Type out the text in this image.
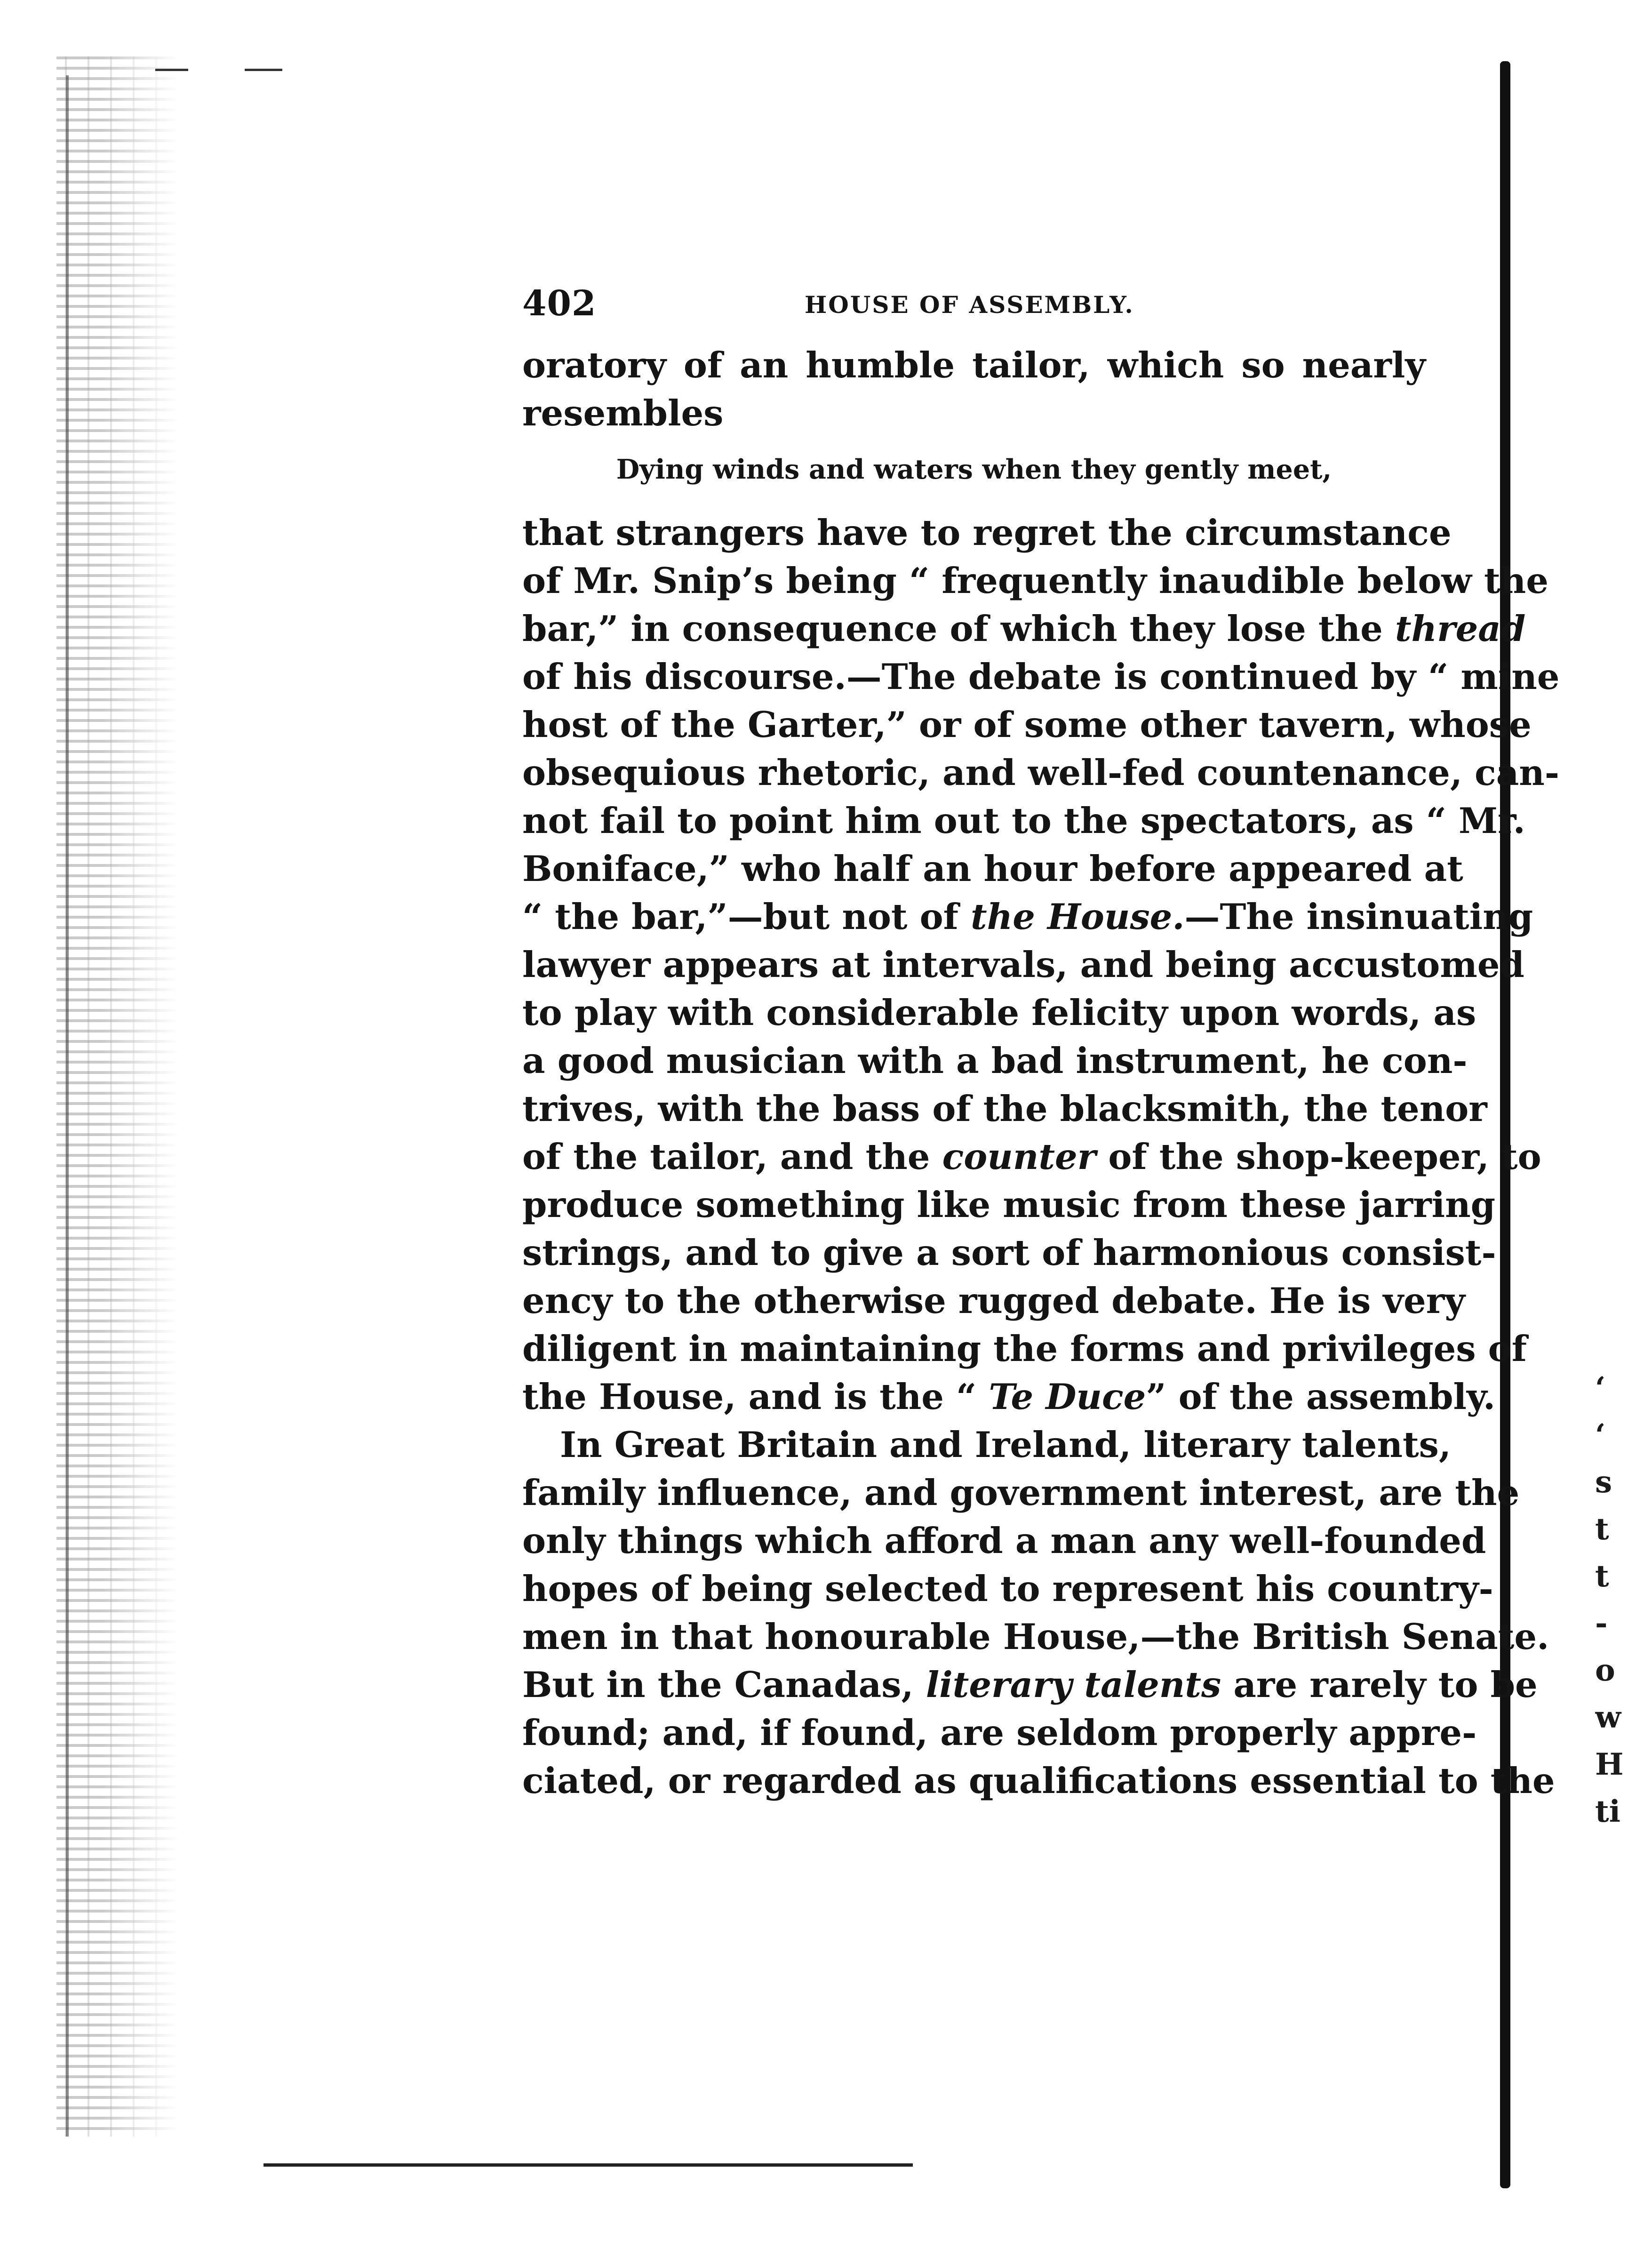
‘
‘
s
t
t
-
o
w
H
ti
402	HOUSE OF ASSEMBLY.
oratory of an humble tailor, which so nearly
resembles
Dying winds and waters when they gently meet,
that strangers have to regret the circumstance
of Mr. Snip’s being “ frequently inaudible below the
bar,” in consequence of which they lose the thread
of his discourse.—The debate is continued by “ mine
host of the Garter,” or of some other tavern, whose
obsequious rhetoric, and well-fed countenance, can-
not fail to point him out to the spectators, as “ Mr.
Boniface,” who half an hour before appeared at
“ the bar,”—but not of the House.—The insinuating
lawyer appears at intervals, and being accustomed
to play with considerable felicity upon words, as
a good musician with a bad instrument, he con-
trives, with the bass of the blacksmith, the tenor
of the tailor, and the counter of the shop-keeper, to
produce something like music from these jarring
strings, and to give a sort of harmonious consist-
ency to the otherwise rugged debate. He is very
diligent in maintaining the forms and privileges of
the House, and is the “ Te Duce” of the assembly.
In Great Britain and Ireland, literary talents,
family influence, and government interest, are the
only things which afford a man any well-founded
hopes of being selected to represent his country-
men in that honourable House,—the British Senate.
But in the Canadas, literary talents are rarely to be
found; and, if found, are seldom properly appre-
ciated, or regarded as qualifications essential to the
